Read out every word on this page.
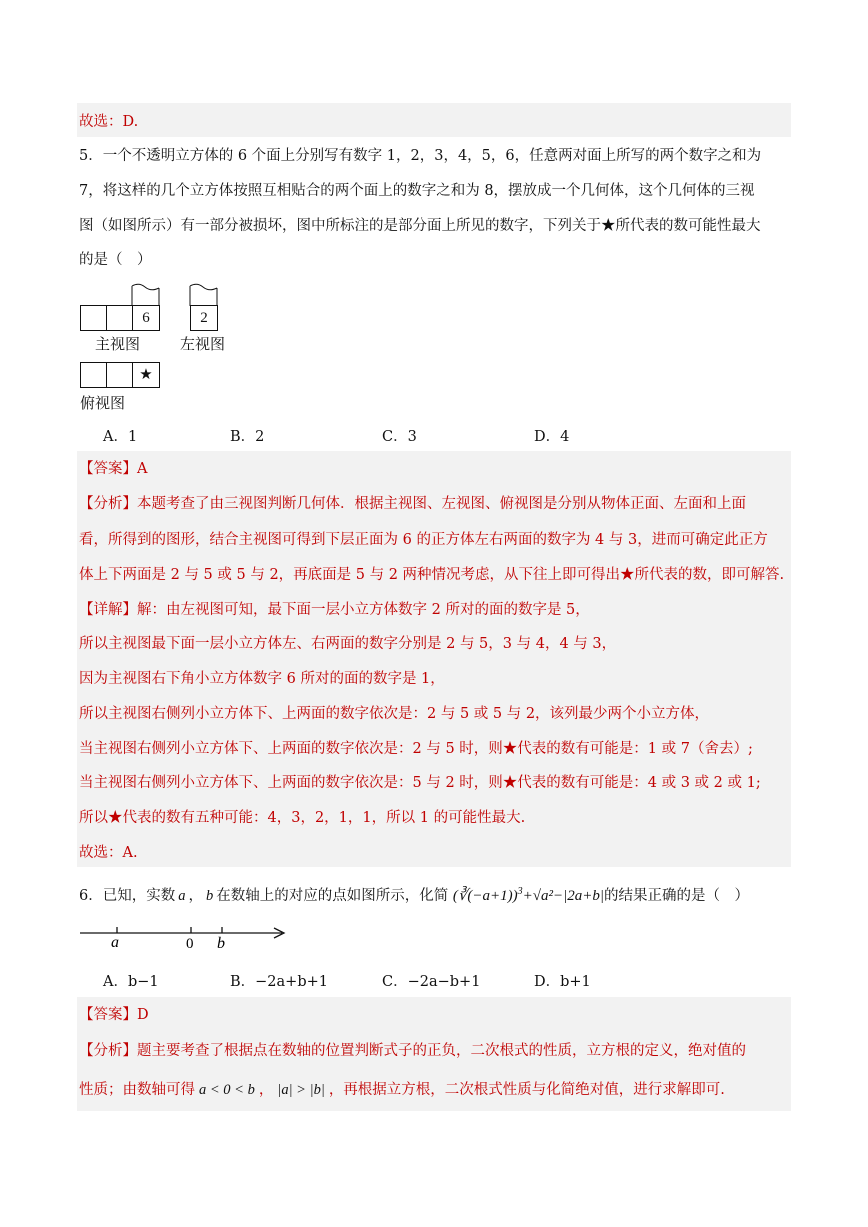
故选：D.
5．一个不透明立方体的 6 个面上分别写有数字 1，2，3，4，5，6，任意两对面上所写的两个数字之和为
7，将这样的几个立方体按照互相贴合的两个面上的数字之和为 8，摆放成一个几何体，这个几何体的三视
图（如图所示）有一部分被损坏，图中所标注的是部分面上所见的数字，下列关于★所代表的数可能性最大
的是（　）
6
主视图
2
左视图
★
俯视图
A．1	B．2	C．3	D．4
【答案】A
【分析】本题考查了由三视图判断几何体．根据主视图、左视图、俯视图是分别从物体正面、左面和上面
看，所得到的图形，结合主视图可得到下层正面为 6 的正方体左右两面的数字为 4 与 3，进而可确定此正方
体上下两面是 2 与 5 或 5 与 2，再底面是 5 与 2 两种情况考虑，从下往上即可得出★所代表的数，即可解答.
【详解】解：由左视图可知，最下面一层小立方体数字 2 所对的面的数字是 5，
所以主视图最下面一层小立方体左、右两面的数字分别是 2 与 5，3 与 4，4 与 3，
因为主视图右下角小立方体数字 6 所对的面的数字是 1，
所以主视图右侧列小立方体下、上两面的数字依次是：2 与 5 或 5 与 2，该列最少两个小立方体，
当主视图右侧列小立方体下、上两面的数字依次是：2 与 5 时，则★代表的数有可能是：1 或 7（舍去）;
当主视图右侧列小立方体下、上两面的数字依次是：5 与 2 时，则★代表的数有可能是：4 或 3 或 2 或 1;
所以★代表的数有五种可能：4，3，2，1，1，所以 1 的可能性最大.
故选：A.
6．已知，实数 a ， b 在数轴上的对应的点如图所示，化简 (∛(−a+1))$^3$+√a²−|2a+b|的结果正确的是（　）
a	0 b
A．b−1	B．−2a+b+1	C．−2a−b+1	D．b+1
【答案】D
【分析】题主要考查了根据点在数轴的位置判断式子的正负，二次根式的性质，立方根的定义，绝对值的
性质；由数轴可得 a < 0 < b ， |a| > |b| ，再根据立方根，二次根式性质与化简绝对值，进行求解即可.
